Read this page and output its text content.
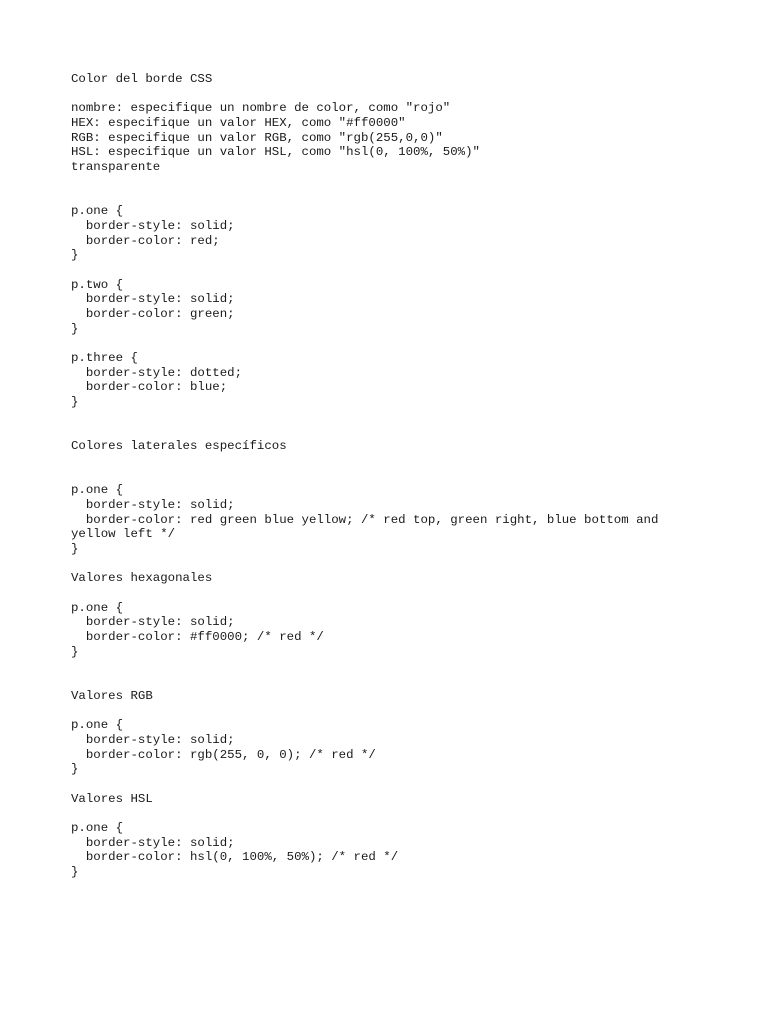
Color del borde CSS
nombre: especifique un nombre de color, como "rojo"
HEX: especifique un valor HEX, como "#ff0000"
RGB: especifique un valor RGB, como "rgb(255,0,0)"
HSL: especifique un valor HSL, como "hsl(0, 100%, 50%)"
transparente
p.one {
border-style: solid;
border-color: red;
}
p.two {
border-style: solid;
border-color: green;
}
p.three {
border-style: dotted;
border-color: blue;
}
Colores laterales específicos
p.one {
border-style: solid;
border-color: red green blue yellow; /* red top, green right, blue bottom and
yellow left */
}
Valores hexagonales
p.one {
border-style: solid;
border-color: #ff0000; /* red */
}
Valores RGB
p.one {
border-style: solid;
border-color: rgb(255, 0, 0); /* red */
}
Valores HSL
p.one {
border-style: solid;
border-color: hsl(0, 100%, 50%); /* red */
}
